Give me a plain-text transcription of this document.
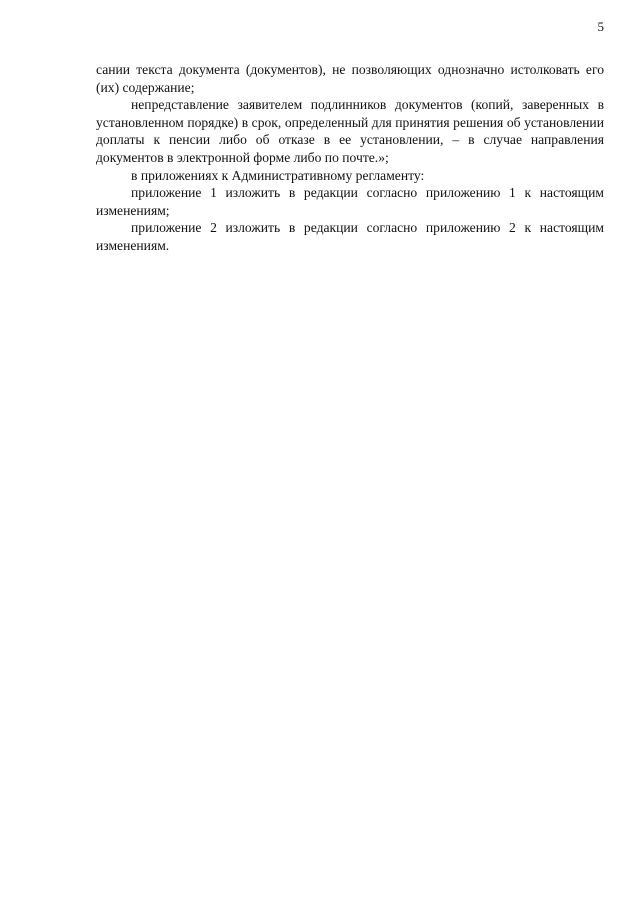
5

сании текста документа (документов), не позволяющих однозначно истолковать его (их) содержание;

непредставление заявителем подлинников документов (копий, заверенных в установленном порядке) в срок, определенный для принятия решения об установлении доплаты к пенсии либо об отказе в ее установлении, – в случае направления документов в электронной форме либо по почте.»;

в приложениях к Административному регламенту:

приложение 1 изложить в редакции согласно приложению 1 к настоящим изменениям;

приложение 2 изложить в редакции согласно приложению 2 к настоящим изменениям.
